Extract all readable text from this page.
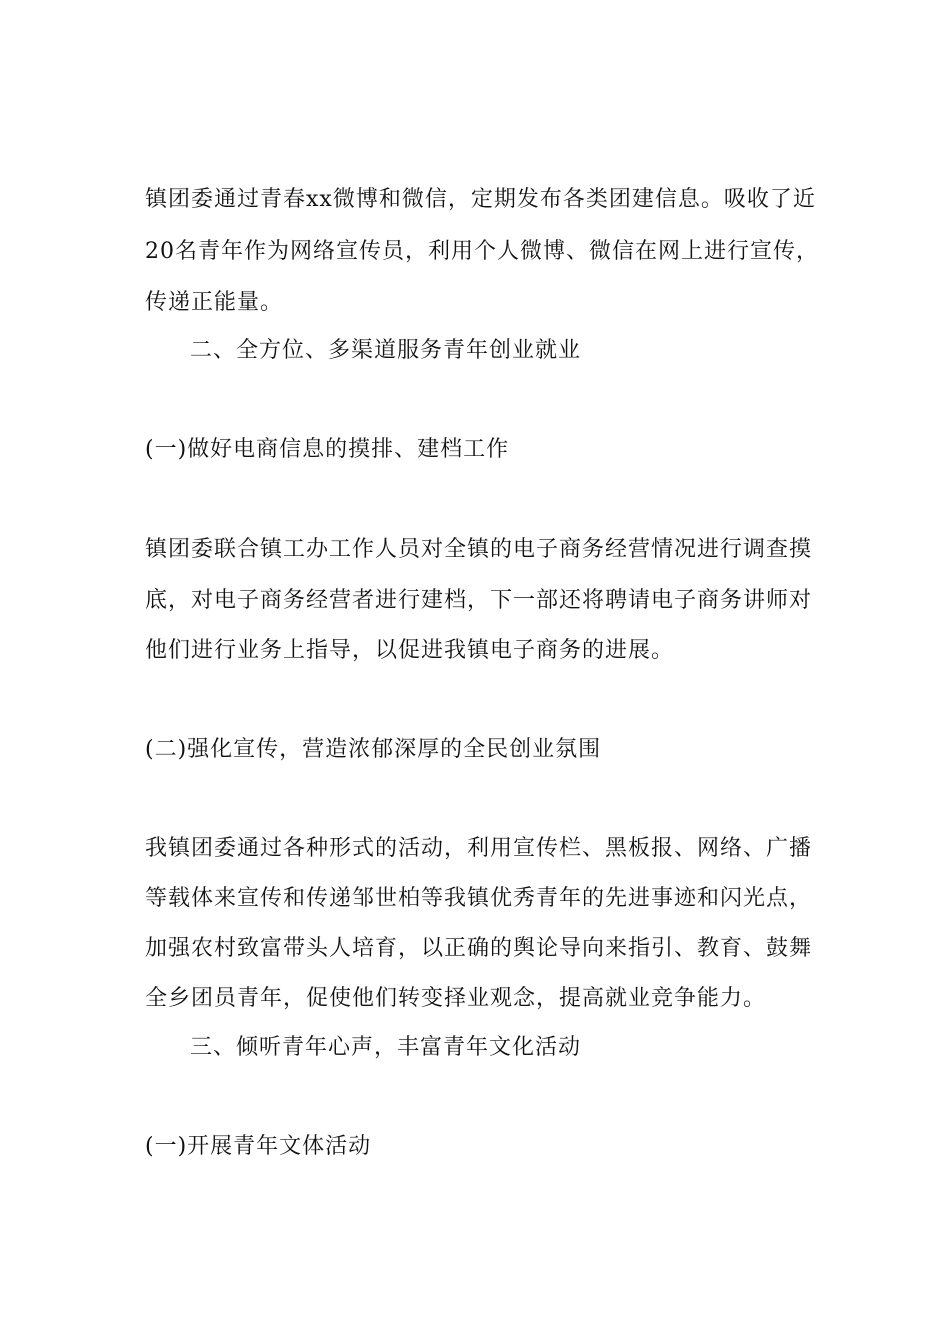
镇团委通过青春xx微博和微信，定期发布各类团建信息。吸收了近
20名青年作为网络宣传员，利用个人微博、微信在网上进行宣传，
传递正能量。
二、全方位、多渠道服务青年创业就业
(一)做好电商信息的摸排、建档工作
镇团委联合镇工办工作人员对全镇的电子商务经营情况进行调查摸
底，对电子商务经营者进行建档，下一部还将聘请电子商务讲师对
他们进行业务上指导，以促进我镇电子商务的进展。
(二)强化宣传，营造浓郁深厚的全民创业氛围
我镇团委通过各种形式的活动，利用宣传栏、黑板报、网络、广播
等载体来宣传和传递邹世柏等我镇优秀青年的先进事迹和闪光点，
加强农村致富带头人培育，以正确的舆论导向来指引、教育、鼓舞
全乡团员青年，促使他们转变择业观念，提高就业竞争能力。
三、倾听青年心声，丰富青年文化活动
(一)开展青年文体活动
